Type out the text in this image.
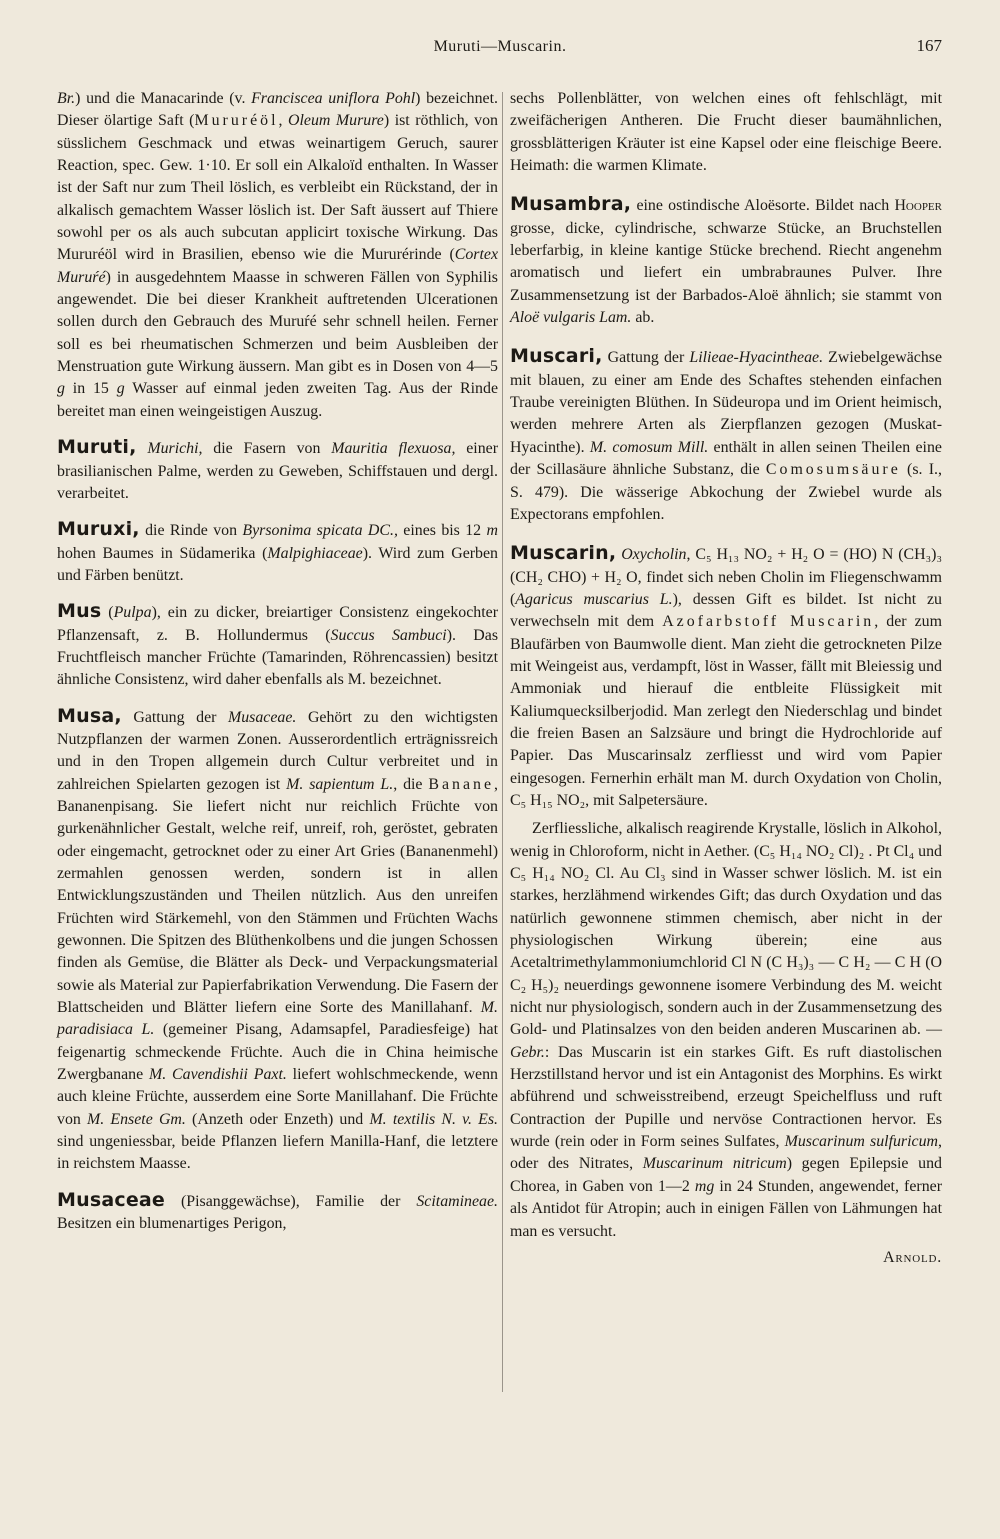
Muruti—Muscarin.	167

Br.) und die Manacarinde (v. Franciscea uniflora Pohl) bezeichnet. Dieser ölartige Saft (Mururéöl, Oleum Murure) ist röthlich, von süsslichem Geschmack und etwas weinartigem Geruch, saurer Reaction, spec. Gew. 1·10. Er soll ein Alkaloïd enthalten. In Wasser ist der Saft nur zum Theil löslich, es verbleibt ein Rückstand, der in alkalisch gemachtem Wasser löslich ist. Der Saft äussert auf Thiere sowohl per os als auch subcutan applicirt toxische Wirkung. Das Mururéöl wird in Brasilien, ebenso wie die Mururérinde (Cortex Muruŕé) in ausgedehntem Maasse in schweren Fällen von Syphilis angewendet. Die bei dieser Krankheit auftretenden Ulcerationen sollen durch den Gebrauch des Muruŕé sehr schnell heilen. Ferner soll es bei rheumatischen Schmerzen und beim Ausbleiben der Menstruation gute Wirkung äussern. Man gibt es in Dosen von 4—5 g in 15 g Wasser auf einmal jeden zweiten Tag. Aus der Rinde bereitet man einen weingeistigen Auszug.

Muruti, Murichi, die Fasern von Mauritia flexuosa, einer brasilianischen Palme, werden zu Geweben, Schiffstauen und dergl. verarbeitet.

Muruxi, die Rinde von Byrsonima spicata DC., eines bis 12 m hohen Baumes in Südamerika (Malpighiaceae). Wird zum Gerben und Färben benützt.

Mus (Pulpa), ein zu dicker, breiartiger Consistenz eingekochter Pflanzensaft, z. B. Hollundermus (Succus Sambuci). Das Fruchtfleisch mancher Früchte (Tamarinden, Röhrencassien) besitzt ähnliche Consistenz, wird daher ebenfalls als M. bezeichnet.

Musa, Gattung der Musaceae. Gehört zu den wichtigsten Nutzpflanzen der warmen Zonen. Ausserordentlich erträgnissreich und in den Tropen allgemein durch Cultur verbreitet und in zahlreichen Spielarten gezogen ist M. sapientum L., die Banane, Bananenpisang. Sie liefert nicht nur reichlich Früchte von gurkenähnlicher Gestalt, welche reif, unreif, roh, geröstet, gebraten oder eingemacht, getrocknet oder zu einer Art Gries (Bananenmehl) zermahlen genossen werden, sondern ist in allen Entwicklungszuständen und Theilen nützlich. Aus den unreifen Früchten wird Stärkemehl, von den Stämmen und Früchten Wachs gewonnen. Die Spitzen des Blüthenkolbens und die jungen Schossen finden als Gemüse, die Blätter als Deck- und Verpackungsmaterial sowie als Material zur Papierfabrikation Verwendung. Die Fasern der Blattscheiden und Blätter liefern eine Sorte des Manillahanf. M. paradisiaca L. (gemeiner Pisang, Adamsapfel, Paradiesfeige) hat feigenartig schmeckende Früchte. Auch die in China heimische Zwergbanane M. Cavendishii Paxt. liefert wohlschmeckende, wenn auch kleine Früchte, ausserdem eine Sorte Manillahanf. Die Früchte von M. Ensete Gm. (Anzeth oder Enzeth) und M. textilis N. v. Es. sind ungeniessbar, beide Pflanzen liefern Manilla-Hanf, die letztere in reichstem Maasse.

Musaceae (Pisanggewächse), Familie der Scitamineae. Besitzen ein blumenartiges Perigon,

sechs Pollenblätter, von welchen eines oft fehlschlägt, mit zweifächerigen Antheren. Die Frucht dieser baumähnlichen, grossblätterigen Kräuter ist eine Kapsel oder eine fleischige Beere. Heimath: die warmen Klimate.

Musambra, eine ostindische Aloësorte. Bildet nach Hooper grosse, dicke, cylindrische, schwarze Stücke, an Bruchstellen leberfarbig, in kleine kantige Stücke brechend. Riecht angenehm aromatisch und liefert ein umbrabraunes Pulver. Ihre Zusammensetzung ist der Barbados-Aloë ähnlich; sie stammt von Aloë vulgaris Lam. ab.

Muscari, Gattung der Lilieae-Hyacintheae. Zwiebelgewächse mit blauen, zu einer am Ende des Schaftes stehenden einfachen Traube vereinigten Blüthen. In Südeuropa und im Orient heimisch, werden mehrere Arten als Zierpflanzen gezogen (Muskat-Hyacinthe). M. comosum Mill. enthält in allen seinen Theilen eine der Scillasäure ähnliche Substanz, die Comosumsäure (s. I., S. 479). Die wässerige Abkochung der Zwiebel wurde als Expectorans empfohlen.

Muscarin, Oxycholin, C₅ H₁₃ NO₂ + H₂ O = (HO) N (CH₃)₃ (CH₂ CHO) + H₂ O, findet sich neben Cholin im Fliegenschwamm (Agaricus muscarius L.), dessen Gift es bildet. Ist nicht zu verwechseln mit dem Azofarbstoff Muscarin, der zum Blaufärben von Baumwolle dient. Man zieht die getrockneten Pilze mit Weingeist aus, verdampft, löst in Wasser, fällt mit Bleiessig und Ammoniak und hierauf die entbleite Flüssigkeit mit Kaliumquecksilberjodid. Man zerlegt den Niederschlag und bindet die freien Basen an Salzsäure und bringt die Hydrochloride auf Papier. Das Muscarinsalz zerfliesst und wird vom Papier eingesogen. Fernerhin erhält man M. durch Oxydation von Cholin, C₅ H₁₅ NO₂, mit Salpetersäure.

Zerfliessliche, alkalisch reagirende Krystalle, löslich in Alkohol, wenig in Chloroform, nicht in Aether. (C₅ H₁₄ NO₂ Cl)₂ . Pt Cl₄ und C₅ H₁₄ NO₂ Cl. Au Cl₃ sind in Wasser schwer löslich. M. ist ein starkes, herzlähmend wirkendes Gift; das durch Oxydation und das natürlich gewonnene stimmen chemisch, aber nicht in der physiologischen Wirkung überein; eine aus Acetaltrimethylammoniumchlorid Cl N (C H₃)₃ — C H₂ — C H (O C₂ H₅)₂ neuerdings gewonnene isomere Verbindung des M. weicht nicht nur physiologisch, sondern auch in der Zusammensetzung des Gold- und Platinsalzes von den beiden anderen Muscarinen ab. — Gebr.: Das Muscarin ist ein starkes Gift. Es ruft diastolischen Herzstillstand hervor und ist ein Antagonist des Morphins. Es wirkt abführend und schweisstreibend, erzeugt Speichelfluss und ruft Contraction der Pupille und nervöse Contractionen hervor. Es wurde (rein oder in Form seines Sulfates, Muscarinum sulfuricum, oder des Nitrates, Muscarinum nitricum) gegen Epilepsie und Chorea, in Gaben von 1—2 mg in 24 Stunden, angewendet, ferner als Antidot für Atropin; auch in einigen Fällen von Lähmungen hat man es versucht.

Arnold.
